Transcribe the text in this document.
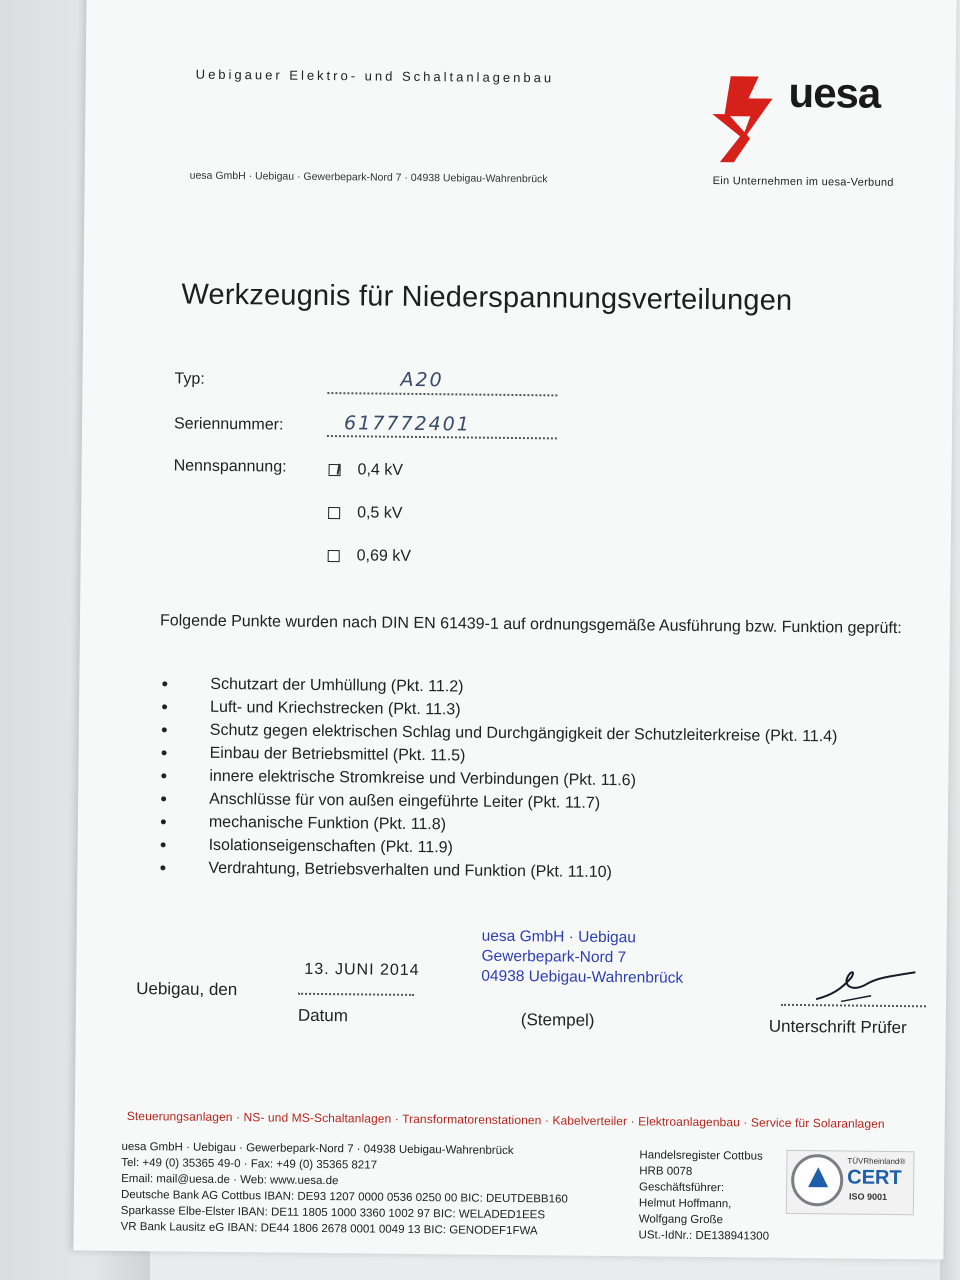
Uebigauer Elektro- und Schaltanlagenbau
uesa GmbH · Uebigau · Gewerbepark-Nord 7 · 04938 Uebigau-Wahrenbrück
uesa
Ein Unternehmen im uesa-Verbund
Werkzeugnis für Niederspannungsverteilungen
Typ:	A20
Seriennummer:	617772401
Nennspannung:	0,4 kV
0,5 kV
0,69 kV
Folgende Punkte wurden nach DIN EN 61439-1 auf ordnungsgemäße Ausführung bzw. Funktion geprüft:
Schutzart der Umhüllung (Pkt. 11.2)
Luft- und Kriechstrecken (Pkt. 11.3)
Schutz gegen elektrischen Schlag und Durchgängigkeit der Schutzleiterkreise (Pkt. 11.4)
Einbau der Betriebsmittel (Pkt. 11.5)
innere elektrische Stromkreise und Verbindungen (Pkt. 11.6)
Anschlüsse für von außen eingeführte Leiter (Pkt. 11.7)
mechanische Funktion (Pkt. 11.8)
Isolationseigenschaften (Pkt. 11.9)
Verdrahtung, Betriebsverhalten und Funktion (Pkt. 11.10)
Uebigau, den
13. JUNI 2014
Datum
uesa GmbH · Uebigau
Gewerbepark-Nord 7
04938 Uebigau-Wahrenbrück
(Stempel)	Unterschrift Prüfer
Steuerungsanlagen · NS- und MS-Schaltanlagen · Transformatorenstationen · Kabelverteiler · Elektroanlagenbau · Service für Solaranlagen
uesa GmbH · Uebigau · Gewerbepark-Nord 7 · 04938 Uebigau-Wahrenbrück
Tel: +49 (0) 35365 49-0 · Fax: +49 (0) 35365 8217
Email: mail@uesa.de · Web: www.uesa.de
Deutsche Bank AG Cottbus IBAN: DE93 1207 0000 0536 0250 00 BIC: DEUTDEBB160
Sparkasse Elbe-Elster IBAN: DE11 1805 1000 3360 1002 97 BIC: WELADED1EES
VR Bank Lausitz eG IBAN: DE44 1806 2678 0001 0049 13 BIC: GENODEF1FWA
Handelsregister Cottbus
HRB 0078
Geschäftsführer:
Helmut Hoffmann,
Wolfgang Große
USt.-IdNr.: DE138941300
TÜVRheinland®
CERT
ISO 9001
